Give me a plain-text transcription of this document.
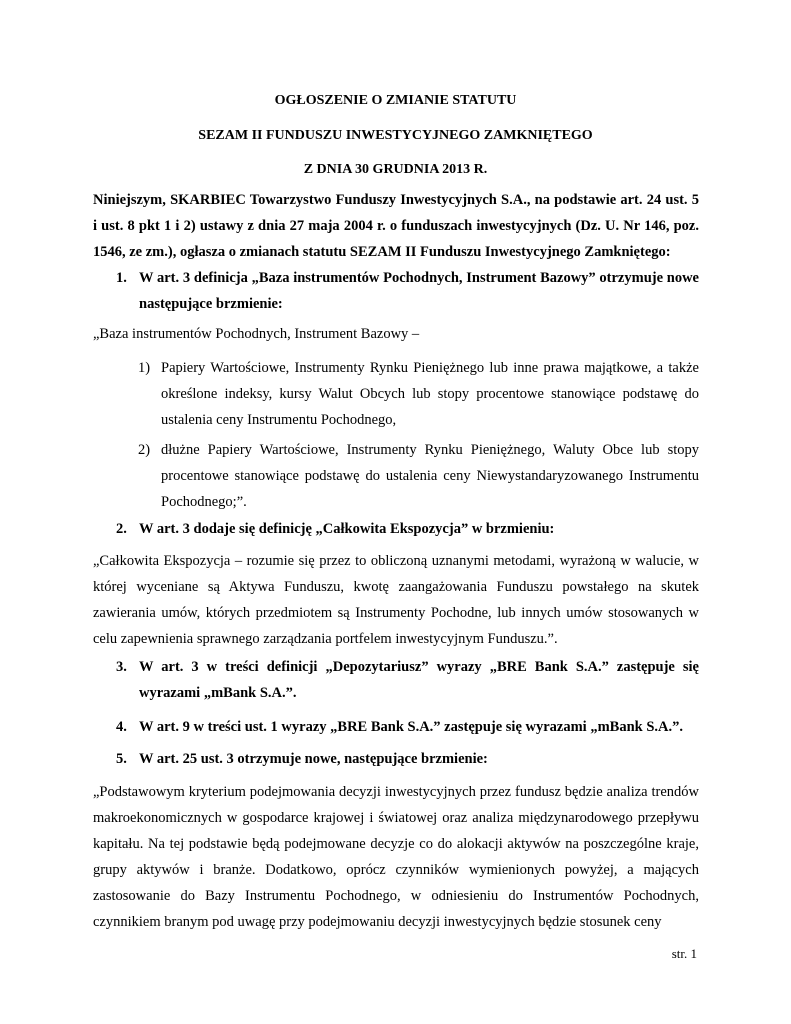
OGŁOSZENIE O ZMIANIE STATUTU
SEZAM II FUNDUSZU INWESTYCYJNEGO ZAMKNIĘTEGO
Z DNIA 30 GRUDNIA 2013 R.
Niniejszym, SKARBIEC Towarzystwo Funduszy Inwestycyjnych S.A., na podstawie art. 24 ust. 5 i ust. 8 pkt 1 i 2) ustawy z dnia 27 maja 2004 r. o funduszach inwestycyjnych (Dz. U. Nr 146, poz. 1546, ze zm.), ogłasza o zmianach statutu SEZAM II Funduszu Inwestycyjnego Zamkniętego:
1. W art. 3 definicja „Baza instrumentów Pochodnych, Instrument Bazowy” otrzymuje nowe następujące brzmienie:
„Baza instrumentów Pochodnych, Instrument Bazowy –
1) Papiery Wartościowe, Instrumenty Rynku Pieniężnego lub inne prawa majątkowe, a także określone indeksy, kursy Walut Obcych lub stopy procentowe stanowiące podstawę do ustalenia ceny Instrumentu Pochodnego,
2) dłużne Papiery Wartościowe, Instrumenty Rynku Pieniężnego, Waluty Obce lub stopy procentowe stanowiące podstawę do ustalenia ceny Niewystandaryzowanego Instrumentu Pochodnego;”.
2. W art. 3 dodaje się definicję „Całkowita Ekspozycja” w brzmieniu:
„Całkowita Ekspozycja – rozumie się przez to obliczoną uznanymi metodami, wyrażoną w walucie, w której wyceniane są Aktywa Funduszu, kwotę zaangażowania Funduszu powstałego na skutek zawierania umów, których przedmiotem są Instrumenty Pochodne, lub innych umów stosowanych w celu zapewnienia sprawnego zarządzania portfelem inwestycyjnym Funduszu.”.
3. W art. 3 w treści definicji „Depozytariusz” wyrazy „BRE Bank S.A.” zastępuje się wyrazami „mBank S.A.”.
4. W art. 9 w treści ust. 1 wyrazy „BRE Bank S.A.” zastępuje się wyrazami „mBank S.A.”.
5. W art. 25 ust. 3 otrzymuje nowe, następujące brzmienie:
„Podstawowym kryterium podejmowania decyzji inwestycyjnych przez fundusz będzie analiza trendów makroekonomicznych w gospodarce krajowej i światowej oraz analiza międzynarodowego przepływu kapitału. Na tej podstawie będą podejmowane decyzje co do alokacji aktywów na poszczególne kraje, grupy aktywów i branże. Dodatkowo, oprócz czynników wymienionych powyżej, a mających zastosowanie do Bazy Instrumentu Pochodnego, w odniesieniu do Instrumentów Pochodnych, czynnikiem branym pod uwagę przy podejmowaniu decyzji inwestycyjnych będzie stosunek ceny
str. 1
